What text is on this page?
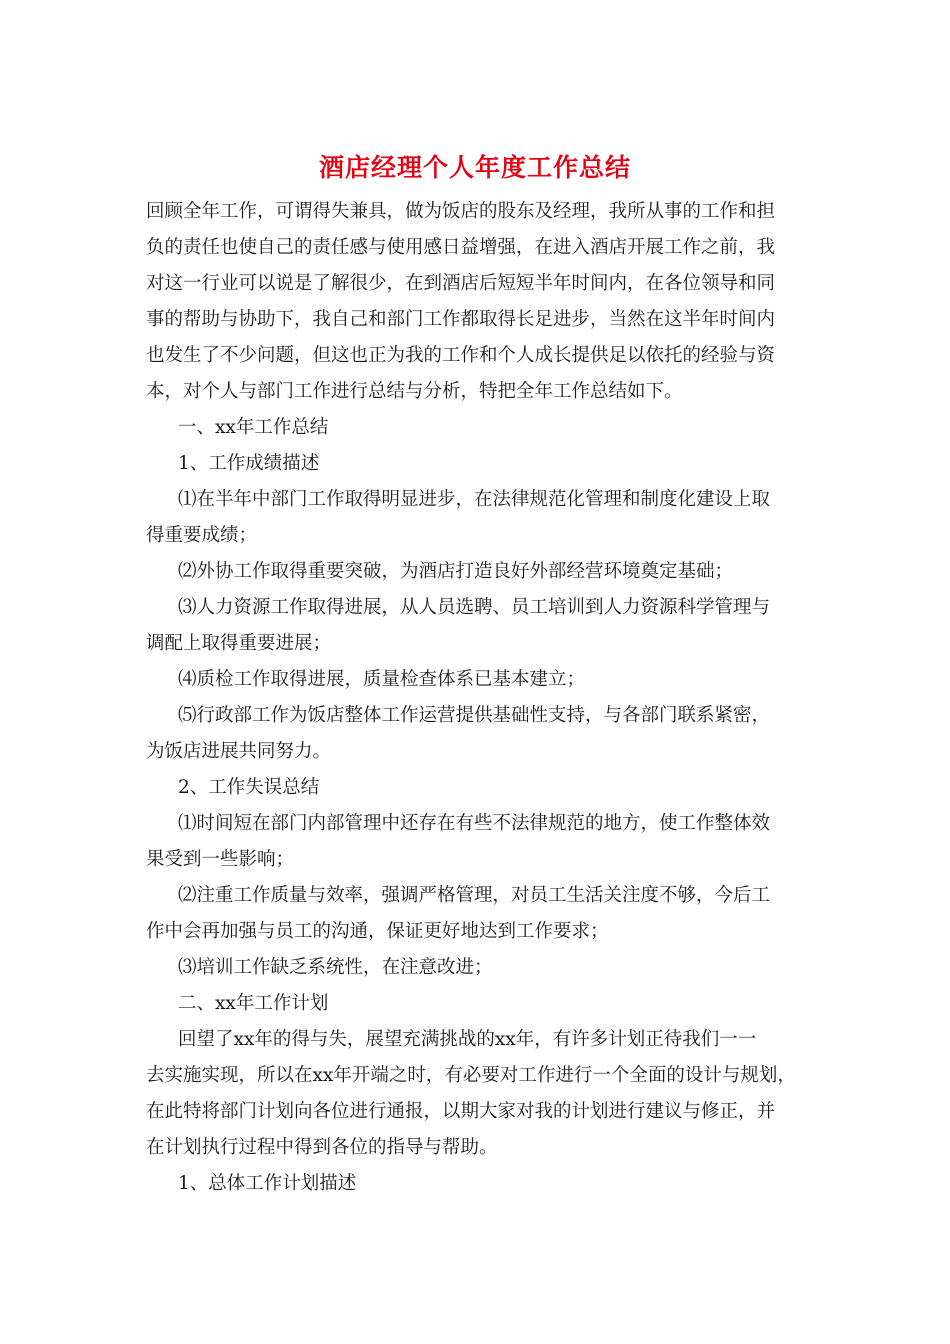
酒店经理个人年度工作总结
回顾全年工作，可谓得失兼具，做为饭店的股东及经理，我所从事的工作和担
负的责任也使自己的责任感与使用感日益增强，在进入酒店开展工作之前，我
对这一行业可以说是了解很少，在到酒店后短短半年时间内，在各位领导和同
事的帮助与协助下，我自己和部门工作都取得长足进步，当然在这半年时间内
也发生了不少问题，但这也正为我的工作和个人成长提供足以依托的经验与资
本，对个人与部门工作进行总结与分析，特把全年工作总结如下。
一、xx年工作总结
1、工作成绩描述
⑴在半年中部门工作取得明显进步，在法律规范化管理和制度化建设上取
得重要成绩；
⑵外协工作取得重要突破，为酒店打造良好外部经营环境奠定基础；
⑶人力资源工作取得进展，从人员选聘、员工培训到人力资源科学管理与
调配上取得重要进展；
⑷质检工作取得进展，质量检查体系已基本建立；
⑸行政部工作为饭店整体工作运营提供基础性支持，与各部门联系紧密，
为饭店进展共同努力。
2、工作失误总结
⑴时间短在部门内部管理中还存在有些不法律规范的地方，使工作整体效
果受到一些影响；
⑵注重工作质量与效率，强调严格管理，对员工生活关注度不够，今后工
作中会再加强与员工的沟通，保证更好地达到工作要求；
⑶培训工作缺乏系统性，在注意改进；
二、xx年工作计划
回望了xx年的得与失，展望充满挑战的xx年，有许多计划正待我们一一
去实施实现，所以在xx年开端之时，有必要对工作进行一个全面的设计与规划，
在此特将部门计划向各位进行通报，以期大家对我的计划进行建议与修正，并
在计划执行过程中得到各位的指导与帮助。
1、总体工作计划描述
